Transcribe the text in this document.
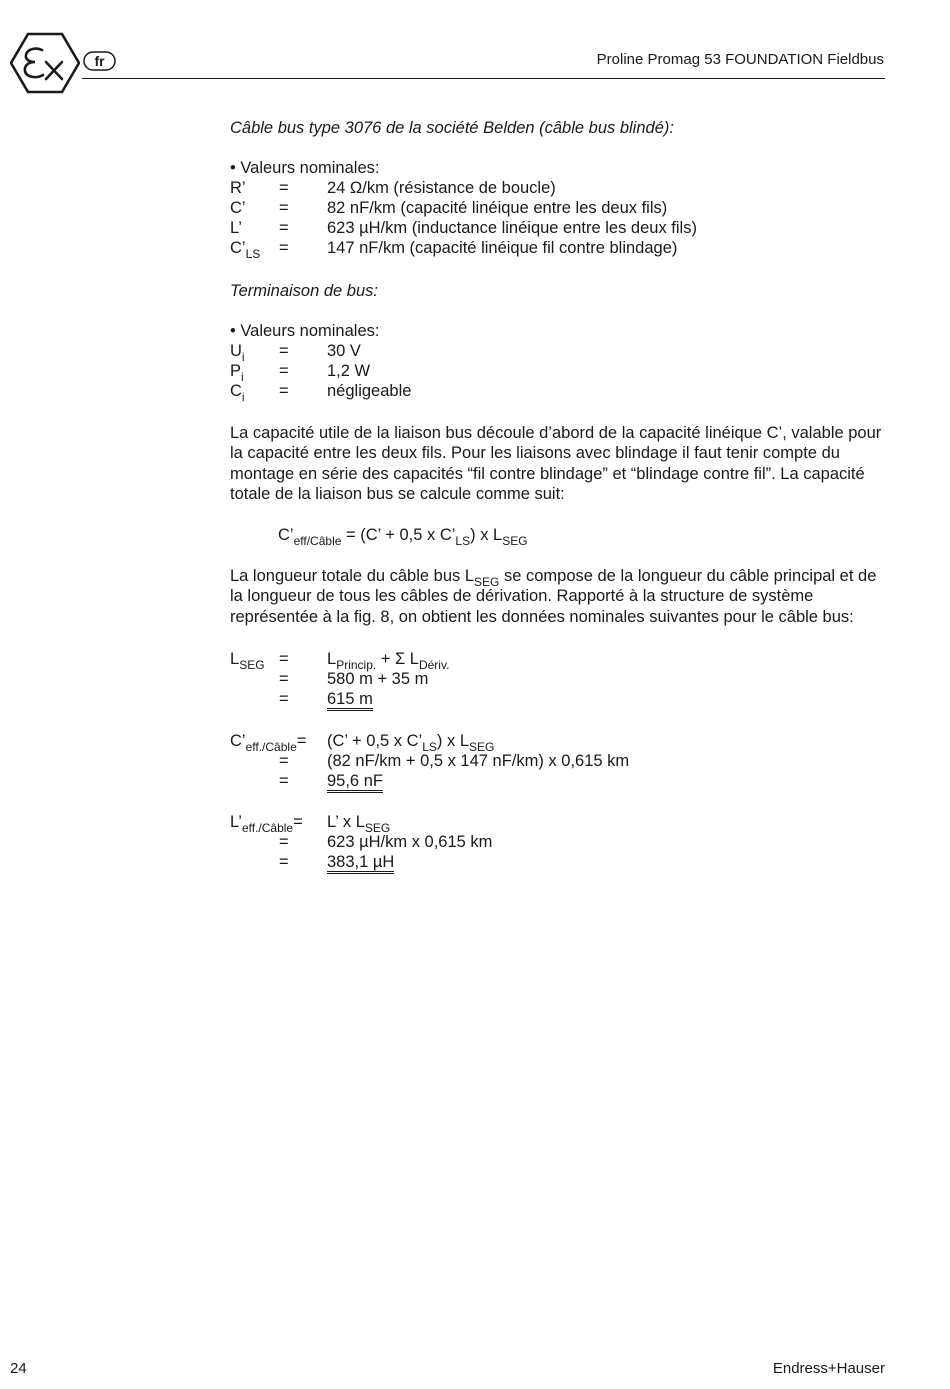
fr	Proline Promag 53 FOUNDATION Fieldbus
Câble bus type 3076 de la société Belden (câble bus blindé):
• Valeurs nominales:
R’ = 24 Ω/km (résistance de boucle)
C’ = 82 nF/km (capacité linéique entre les deux fils)
L’ = 623 µH/km (inductance linéique entre les deux fils)
$C’_{LS} = 147$ nF/km (capacité linéique fil contre blindage)
Terminaison de bus:
• Valeurs nominales:
$U_i = 30$ V
$P_i = 1,2$ W
$C_i$ = négligeable
La capacité utile de la liaison bus découle d’abord de la capacité linéique C’, valable pour la capacité entre les deux fils. Pour les liaisons avec blindage il faut tenir compte du montage en série des capacités “fil contre blindage” et “blindage contre fil”. La capacité totale de la liaison bus se calcule comme suit:
$C’_{eff/Câble} = (C$’ + 0,5 x $C’_{LS}$) x $L_{SEG}$
La longueur totale du câble bus $L_{SEG}$ se compose de la longueur du câble principal et de la longueur de tous les câbles de dérivation. Rapporté à la structure de système représentée à la fig. 8, on obtient les données nominales suivantes pour le câble bus:
$L_{SEG} = L_{Princip.} + \Sigma$ $L_{Dériv.}$
= 580 m + 35 m
= 615 m
$C’_{eff./Câble}= (C$’ + 0,5 x $C’_{LS}$) x $L_{SEG}$
= (82 nF/km + 0,5 x 147 nF/km) x 0,615 km
= 95,6 nF
$L’_{eff./Câble}= L$’ x $L_{SEG}$
= 623 µH/km x 0,615 km
= 383,1 µH
24	Endress+Hauser
